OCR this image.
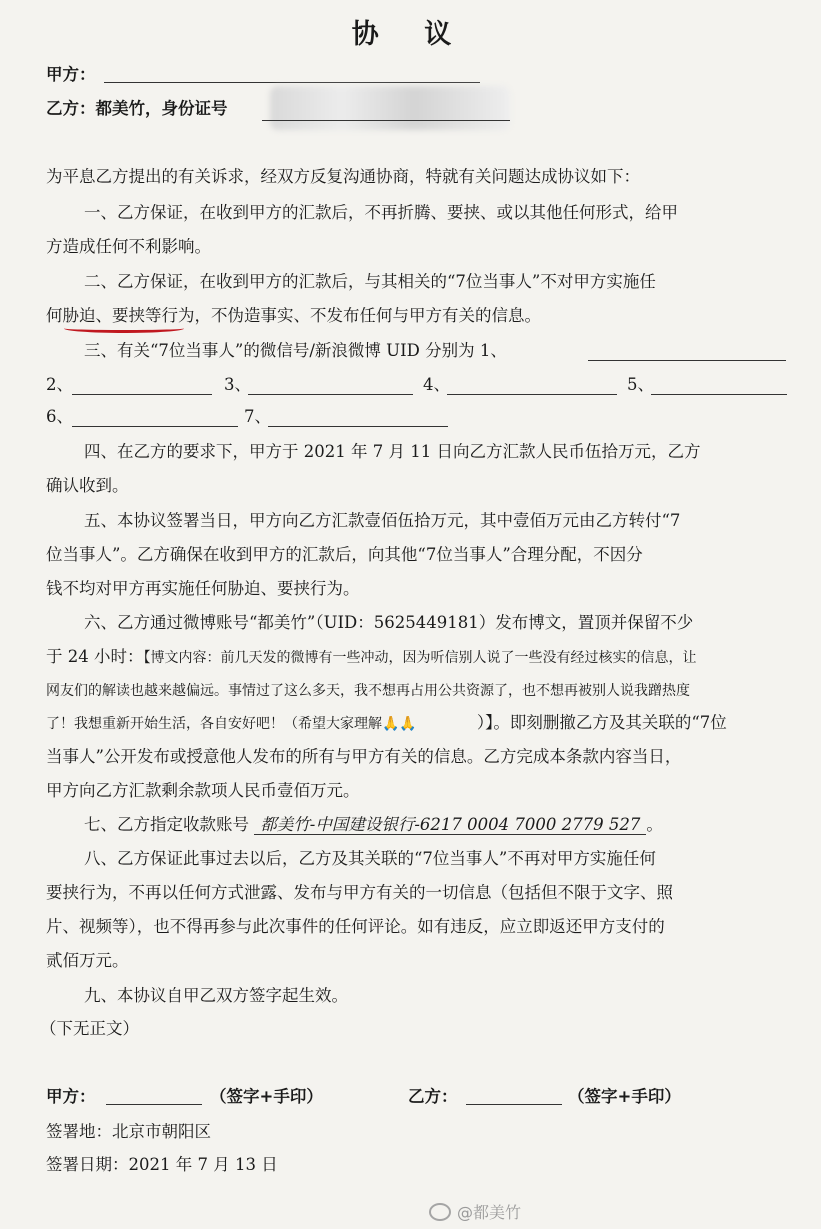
协 议
甲方：
乙方：都美竹，身份证号
为平息乙方提出的有关诉求，经双方反复沟通协商，特就有关问题达成协议如下：
一、乙方保证，在收到甲方的汇款后，不再折腾、要挟、或以其他任何形式，给甲
方造成任何不利影响。
二、乙方保证，在收到甲方的汇款后，与其相关的“7位当事人”不对甲方实施任
何胁迫、要挟等行为，不伪造事实、不发布任何与甲方有关的信息。
三、有关“7位当事人”的微信号/新浪微博 UID 分别为 1、
2、	3、	4、	5、
6、	7、
四、在乙方的要求下，甲方于 2021 年 7 月 11 日向乙方汇款人民币伍拾万元，乙方
确认收到。
五、本协议签署当日，甲方向乙方汇款壹佰伍拾万元，其中壹佰万元由乙方转付“7
位当事人”。乙方确保在收到甲方的汇款后，向其他“7位当事人”合理分配，不因分
钱不均对甲方再实施任何胁迫、要挟行为。
六、乙方通过微博账号“都美竹”（UID：5625449181）发布博文，置顶并保留不少
于 24 小时：【博文内容：前几天发的微博有一些冲动，因为听信别人说了一些没有经过核实的信息，让
网友们的解读也越来越偏远。事情过了这么多天，我不想再占用公共资源了，也不想再被别人说我蹭热度
了！我想重新开始生活，各自安好吧！（希望大家理解🙏🙏	）】。即刻删撤乙方及其关联的“7位
当事人”公开发布或授意他人发布的所有与甲方有关的信息。乙方完成本条款内容当日，
甲方向乙方汇款剩余款项人民币壹佰万元。
七、乙方指定收款账号 都美竹-中国建设银行-6217 0004 7000 2779 527 。
八、乙方保证此事过去以后，乙方及其关联的“7位当事人”不再对甲方实施任何
要挟行为，不再以任何方式泄露、发布与甲方有关的一切信息（包括但不限于文字、照
片、视频等），也不得再参与此次事件的任何评论。如有违反，应立即返还甲方支付的
贰佰万元。
九、本协议自甲乙双方签字起生效。
（下无正文）
甲方：	（签字+手印）	乙方：	（签字+手印）
签署地：北京市朝阳区
签署日期：2021 年 7 月 13 日
@都美竹
